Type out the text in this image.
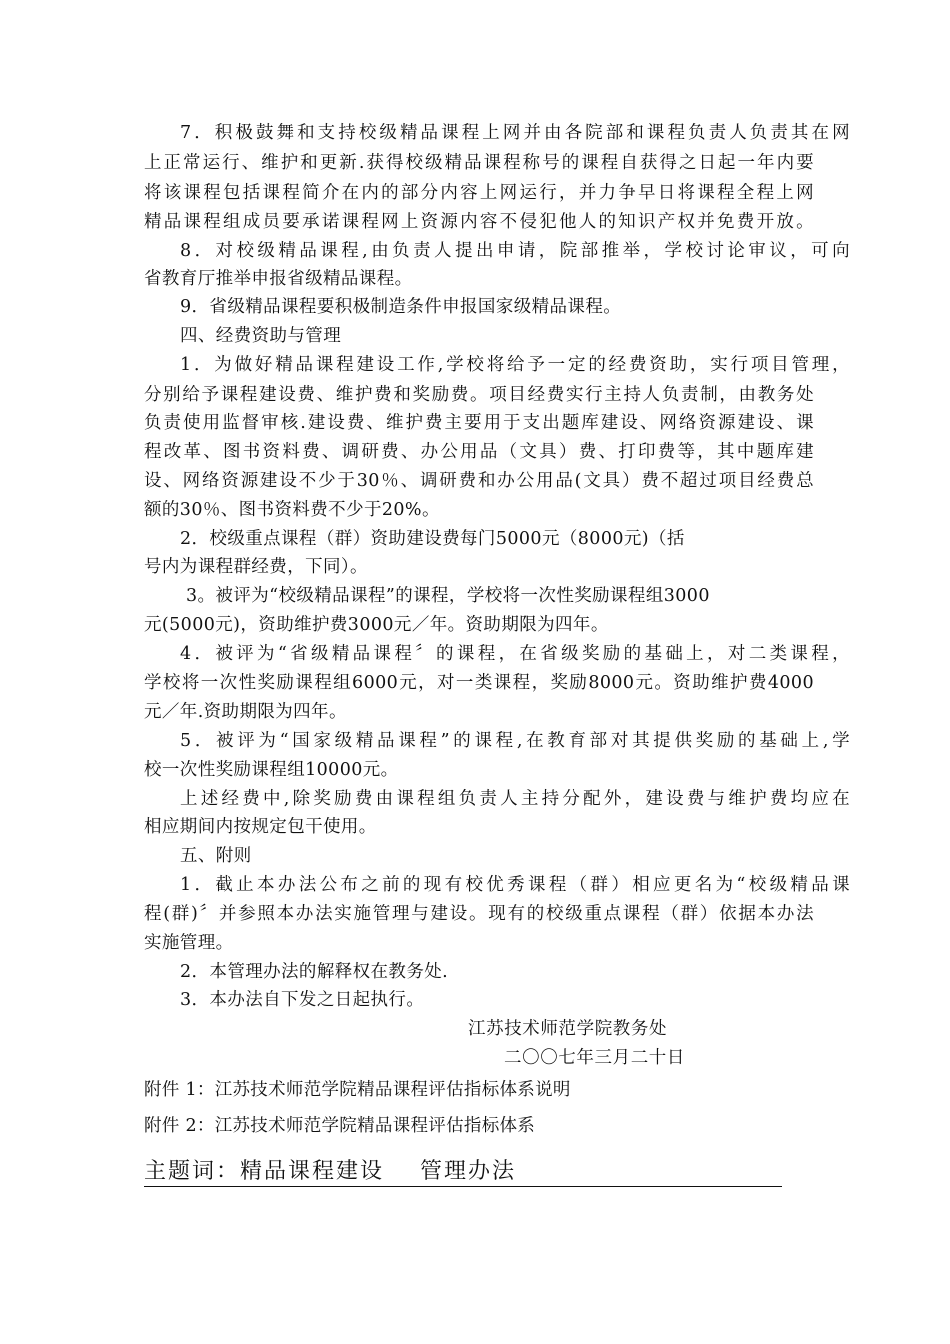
7．积极鼓舞和支持校级精品课程上网并由各院部和课程负责人负责其在网
上正常运行、维护和更新.获得校级精品课程称号的课程自获得之日起一年内要
将该课程包括课程简介在内的部分内容上网运行，并力争早日将课程全程上网
精品课程组成员要承诺课程网上资源内容不侵犯他人的知识产权并免费开放。
8．对校级精品课程,由负责人提出申请，院部推举，学校讨论审议，可向
省教育厅推举申报省级精品课程。
9．省级精品课程要积极制造条件申报国家级精品课程。
四、经费资助与管理
1．为做好精品课程建设工作,学校将给予一定的经费资助，实行项目管理，
分别给予课程建设费、维护费和奖励费。项目经费实行主持人负责制，由教务处
负责使用监督审核.建设费、维护费主要用于支出题库建设、网络资源建设、课
程改革、图书资料费、调研费、办公用品（文具）费、打印费等，其中题库建
设、网络资源建设不少于30％、调研费和办公用品(文具）费不超过项目经费总
额的30％、图书资料费不少于20%。
2．校级重点课程（群）资助建设费每门5000元（8000元)（括
号内为课程群经费，下同）。
3。被评为“校级精品课程”的课程，学校将一次性奖励课程组3000
元(5000元)，资助维护费3000元／年。资助期限为四年。
4．被评为“省级精品课程〞的课程，在省级奖励的基础上，对二类课程，
学校将一次性奖励课程组6000元，对一类课程，奖励8000元。资助维护费4000
元／年.资助期限为四年。
5．被评为“国家级精品课程”的课程,在教育部对其提供奖励的基础上,学
校一次性奖励课程组10000元。
上述经费中,除奖励费由课程组负责人主持分配外，建设费与维护费均应在
相应期间内按规定包干使用。
五、附则
1．截止本办法公布之前的现有校优秀课程（群）相应更名为“校级精品课
程(群)〞并参照本办法实施管理与建设。现有的校级重点课程（群）依据本办法
实施管理。
2．本管理办法的解释权在教务处.
3．本办法自下发之日起执行。
江苏技术师范学院教务处
二〇〇七年三月二十日
附件 1：江苏技术师范学院精品课程评估指标体系说明
附件 2：江苏技术师范学院精品课程评估指标体系
主题词：精品课程建设 管理办法
